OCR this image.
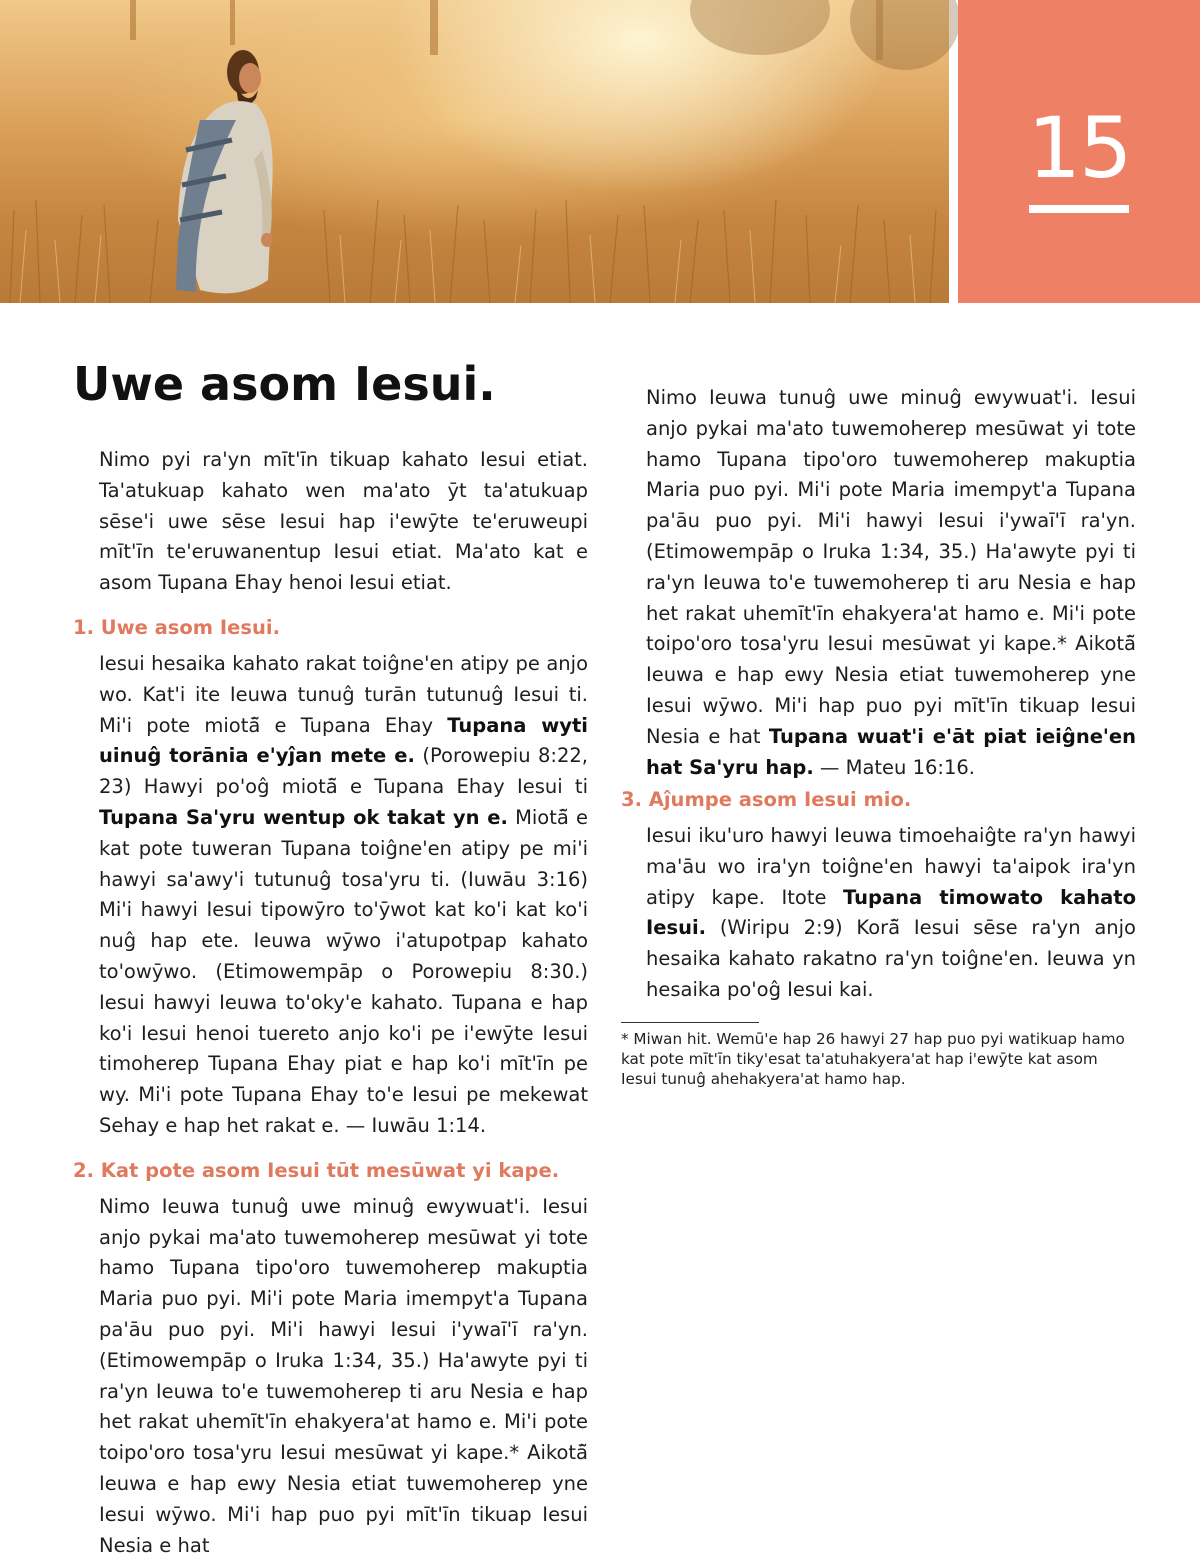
15
Uwe asom Iesui.

Nimo pyi ra'yn mīt'īn tikuap kahato Iesui etiat. Ta'atukuap kahato wen ma'ato ȳt ta'atukuap sēse'i uwe sēse Iesui hap i'ewȳte te'eruweupi mīt'īn te'eruwanentup Iesui etiat. Ma'ato kat e asom Tupana Ehay henoi Iesui etiat.

1. Uwe asom Iesui.

Iesui hesaika kahato rakat toiĝne'en atipy pe anjo wo. Kat'i ite Ieuwa tunuĝ turān tutunuĝ Iesui ti. Mi'i pote miotā̃ e Tupana Ehay Tupana wyti uinuĝ torānia e'yĵan mete e. (Porowepiu 8:22, 23) Hawyi po'oĝ miotā̃ e Tupana Ehay Iesui ti Tupana Sa'yru wentup ok takat yn e. Miotā̃ e kat pote tuweran Tupana toiĝne'en atipy pe mi'i hawyi sa'awy'i tutunuĝ tosa'yru ti. (Iuwāu 3:16) Mi'i hawyi Iesui tipowȳro to'ȳwot kat ko'i kat ko'i nuĝ hap ete. Ieuwa wȳwo i'atupotpap kahato to'owȳwo. (Etimowempāp o Porowepiu 8:30.) Iesui hawyi Ieuwa to'oky'e kahato. Tupana e hap ko'i Iesui henoi tuereto anjo ko'i pe i'ewȳte Iesui timoherep Tupana Ehay piat e hap ko'i mīt'īn pe wy. Mi'i pote Tupana Ehay to'e Iesui pe mekewat Sehay e hap het rakat e. — Iuwāu 1:14.

2. Kat pote asom Iesui tūt mesūwat yi kape.

Nimo Ieuwa tunuĝ uwe minuĝ ewywuat'i. Iesui anjo pykai ma'ato tuwemoherep mesūwat yi tote hamo Tupana tipo'oro tuwemoherep makuptia Maria puo pyi. Mi'i pote Maria imempyt'a Tupana pa'āu puo pyi. Mi'i hawyi Iesui i'ywaī'ī ra'yn. (Etimowempāp o Iruka 1:34, 35.) Ha'awyte pyi ti ra'yn Ieuwa to'e tuwemoherep ti aru Nesia e hap het rakat uhemīt'īn ehakyera'at hamo e. Mi'i pote toipo'oro tosa'yru Iesui mesūwat yi kape.* Aikotā̃ Ieuwa e hap ewy Nesia etiat tuwemoherep yne Iesui wȳwo. Mi'i hap puo pyi mīt'īn tikuap Iesui Nesia e hat

Nimo Ieuwa tunuĝ uwe minuĝ ewywuat'i. Iesui anjo pykai ma'ato tuwemoherep mesūwat yi tote hamo Tupana tipo'oro tuwemoherep makuptia Maria puo pyi. Mi'i pote Maria imempyt'a Tupana pa'āu puo pyi. Mi'i hawyi Iesui i'ywaī'ī ra'yn. (Etimowempāp o Iruka 1:34, 35.) Ha'awyte pyi ti ra'yn Ieuwa to'e tuwemoherep ti aru Nesia e hap het rakat uhemīt'īn ehakyera'at hamo e. Mi'i pote toipo'oro tosa'yru Iesui mesūwat yi kape.* Aikotā̃ Ieuwa e hap ewy Nesia etiat tuwemoherep yne Iesui wȳwo. Mi'i hap puo pyi mīt'īn tikuap Iesui Nesia e hat Tupana wuat'i e'āt piat ieiĝne'en hat Sa'yru hap. — Mateu 16:16.

3. Aĵumpe asom Iesui mio.

Iesui iku'uro hawyi Ieuwa timoehaiĝte ra'yn hawyi ma'āu wo ira'yn toiĝne'en hawyi ta'aipok ira'yn atipy kape. Itote Tupana timowato kahato Iesui. (Wiripu 2:9) Korā̃ Iesui sēse ra'yn anjo hesaika kahato rakatno ra'yn toiĝne'en. Ieuwa yn hesaika po'oĝ Iesui kai.

* Miwan hit. Wemū'e hap 26 hawyi 27 hap puo pyi watikuap hamo kat pote mīt'īn tiky'esat ta'atuhakyera'at hap i'ewȳte kat asom Iesui tunuĝ ahehakyera'at hamo hap.
